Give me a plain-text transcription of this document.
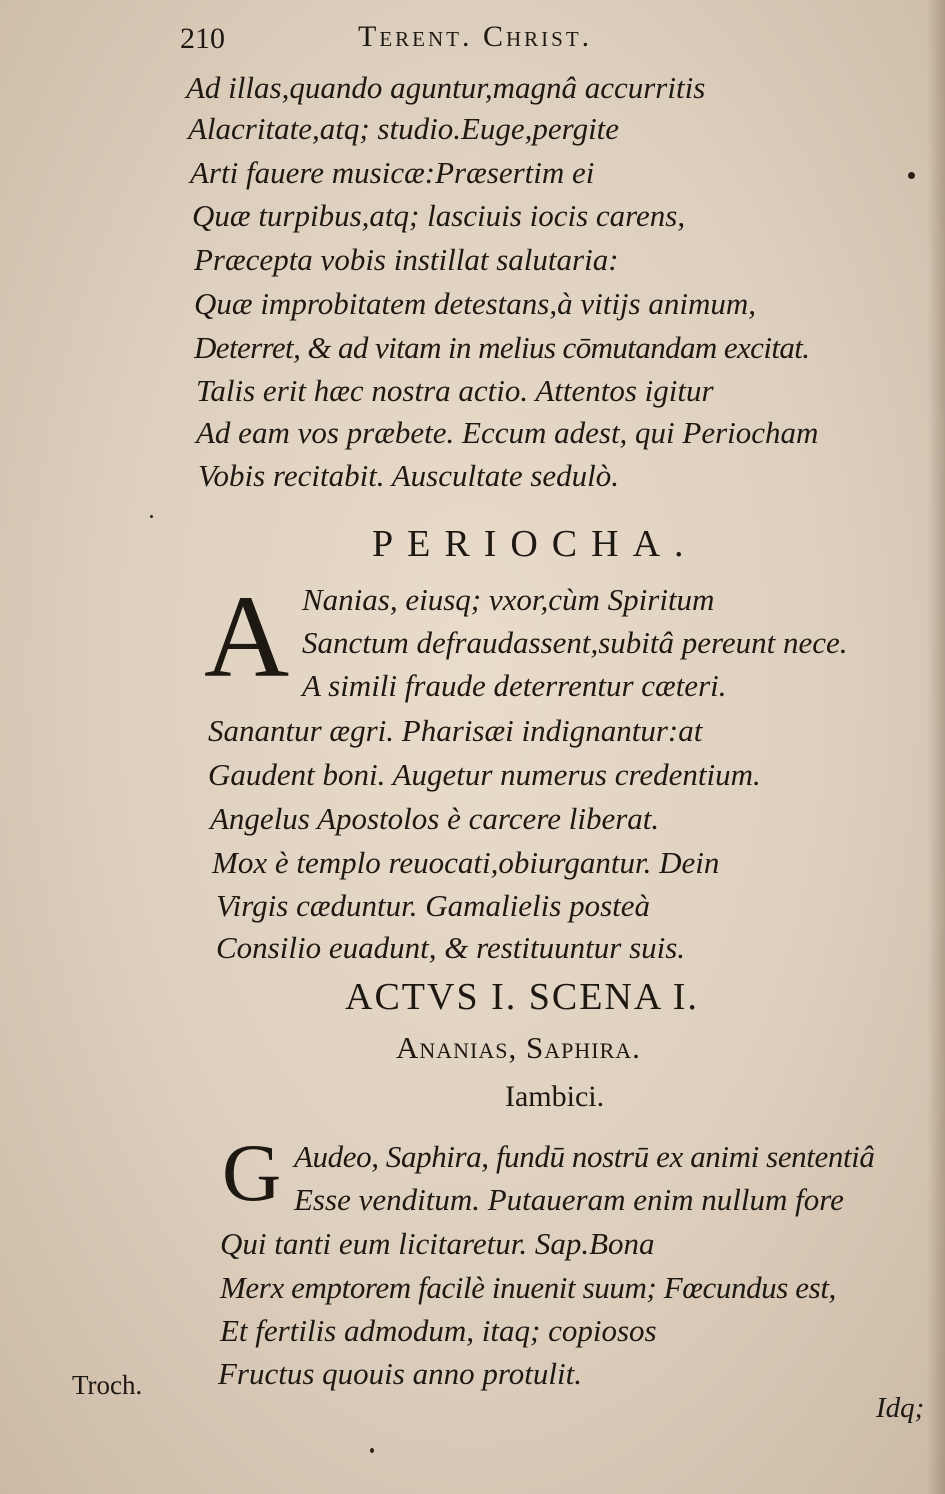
210	Terent. Christ.

Ad illas,quando aguntur,magnâ accurritis

Alacritate,atq; studio.Euge,pergite

Arti fauere musicæ:Præsertim ei

Quæ turpibus,atq; lasciuis iocis carens,

Præcepta vobis instillat salutaria:

Quæ improbitatem detestans,à vitijs animum,

Deterret, & ad vitam in melius cōmutandam excitat.

Talis erit hæc nostra actio. Attentos igitur

Ad eam vos præbete. Eccum adest, qui Periocham

Vobis recitabit. Auscultate sedulò.

PERIOCHA.
A Nanias, eiusq; vxor,cùm Spiritum

Sanctum defraudassent,subitâ pereunt nece.

A simili fraude deterrentur cæteri.

Sanantur ægri. Pharisæi indignantur:at

Gaudent boni. Augetur numerus credentium.

Angelus Apostolos è carcere liberat.

Mox è templo reuocati,obiurgantur. Dein

Virgis cæduntur. Gamalielis posteà

Consilio euadunt, & restituuntur suis.

ACTVS I. SCENA I.
Ananias, Saphira.
Iambici.
G Audeo, Saphira, fundū nostrū ex animi sententiâ

Esse venditum. Putaueram enim nullum fore

Qui tanti eum licitaretur. Sap.Bona

Merx emptorem facilè inuenit suum; Fœcundus est,

Et fertilis admodum, itaq; copiosos

Fructus quouis anno protulit.

Troch.
Idq;
